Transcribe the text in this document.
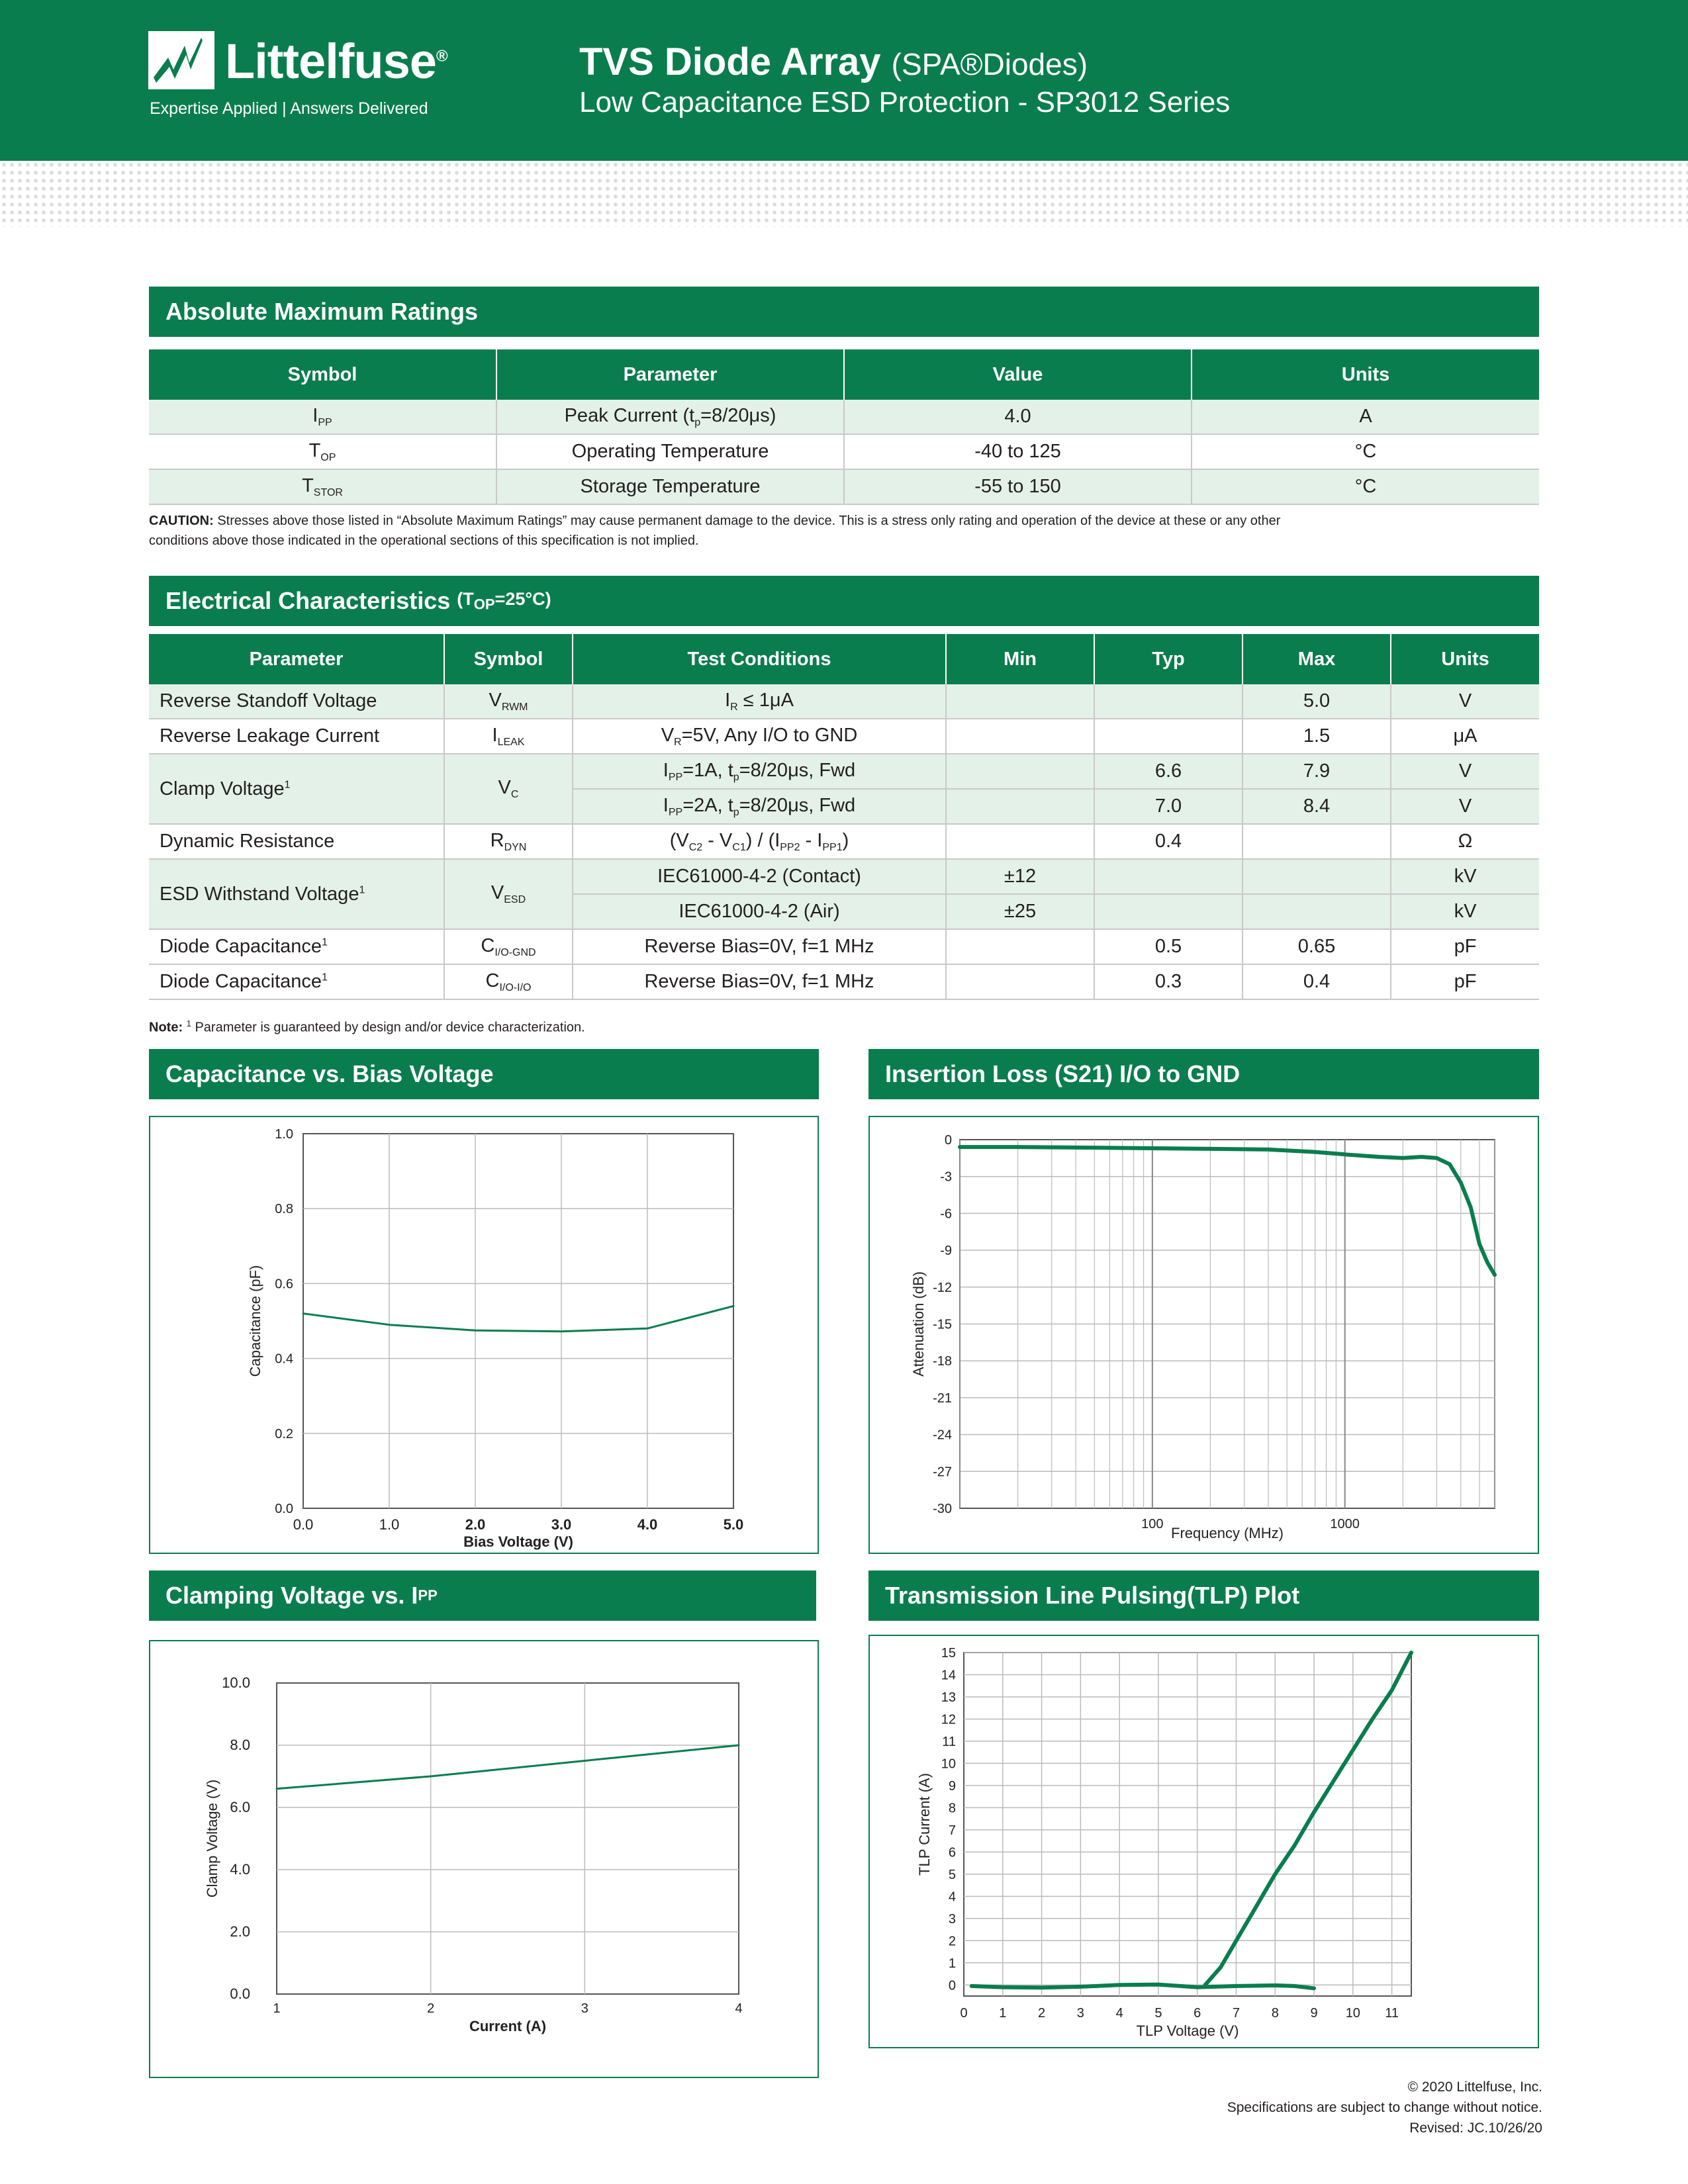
Littelfuse®
Expertise Applied | Answers Delivered
TVS Diode Array (SPA®Diodes)
Low Capacitance ESD Protection - SP3012 Series
Absolute Maximum Ratings
Symbol	Parameter	Value	Units
$I_{PP}$	Peak Current $(t_p=8/20\mu s)$	4.0	A
$T_{OP}$	Operating Temperature	-40 to 125	°C
$T_{STOR}$	Storage Temperature	-55 to 150	°C
CAUTION: Stresses above those listed in “Absolute Maximum Ratings” may cause permanent damage to the device. This is a stress only rating and operation of the device at these or any other conditions above those indicated in the operational sections of this specification is not implied.
Electrical Characteristics
$(T_{OP}=25^\circ C)$
Parameter	Symbol	Test Conditions	Min	Typ	Max	Units
Reverse Standoff Voltage	$V_{RWM}$	$I_R \le 1\mu A$			5.0	V
Reverse Leakage Current	$I_{LEAK}$	$V_R=5V$, Any I/O to GND			1.5	μA
Clamp Voltage$^1$	$V_C$	$I_{PP}=1A$, $t_p=8/20\mu s$, Fwd		6.6	7.9	V
		$I_{PP}=2A$, $t_p=8/20\mu s$, Fwd		7.0	8.4	V
Dynamic Resistance	$R_{DYN}$	$(V_{C2} - V_{C1}) / (I_{PP2} - I_{PP1})$		0.4		Ω
ESD Withstand Voltage$^1$	$V_{ESD}$	IEC61000-4-2 (Contact)	±12			kV
		IEC61000-4-2 (Air)	±25			kV
Diode Capacitance$^1$	$C_{I/O-GND}$	Reverse Bias=0V, f=1 MHz		0.5	0.65	pF
Diode Capacitance$^1$	$C_{I/O-I/O}$	Reverse Bias=0V, f=1 MHz		0.3	0.4	pF
Note: $^1$ Parameter is guaranteed by design and/or device characterization.
Capacitance vs. Bias Voltage	Insertion Loss (S21) I/O to GND
Clamping Voltage vs. I PP	Transmission Line Pulsing(TLP) Plot
0.0
0.2
0.4
0.6
0.8
1.0
0.0	1.0	2.0	3.0	4.0	5.0
Bias Voltage (V)
Capacitance (pF)
0
-3
-6
-9
-12
-15
-18
-21
-24
-27
-30
100	1000
Frequency (MHz)
Attenuation (dB)
0.0
2.0
4.0
6.0
8.0
10.0
1	2	3	4
Current (A)
Clamp Voltage (V)
0
1
2
3
4
5
6
7
8
9
10
11
12
13
14
15
0 1 2 3 4 5 6 7 8 9 10 11
TLP Voltage (V)
TLP Current (A)
© 2020 Littelfuse, Inc.
Specifications are subject to change without notice.
Revised: JC.10/26/20
